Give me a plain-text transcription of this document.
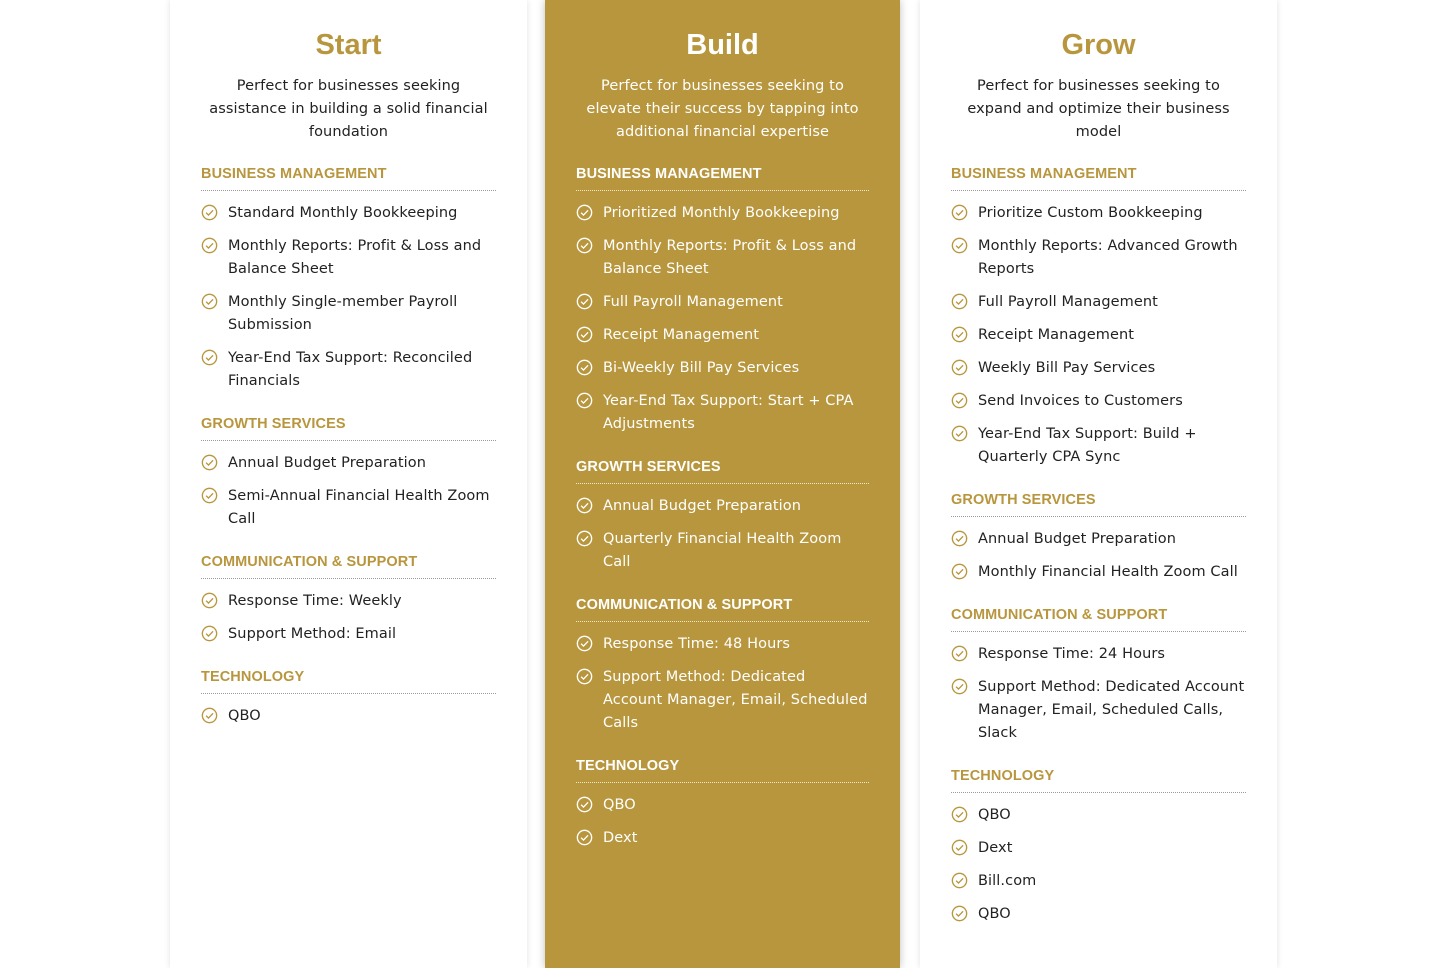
Start

Perfect for businesses seeking assistance in building a solid financial foundation

BUSINESS MANAGEMENT
Standard Monthly Bookkeeping
Monthly Reports: Profit & Loss and Balance Sheet
Monthly Single-member Payroll Submission
Year-End Tax Support: Reconciled Financials
GROWTH SERVICES
Annual Budget Preparation
Semi-Annual Financial Health Zoom Call
COMMUNICATION & SUPPORT
Response Time: Weekly
Support Method: Email
TECHNOLOGY
QBO
Build

Perfect for businesses seeking to elevate their success by tapping into additional financial expertise

BUSINESS MANAGEMENT
Prioritized Monthly Bookkeeping
Monthly Reports: Profit & Loss and Balance Sheet
Full Payroll Management
Receipt Management
Bi-Weekly Bill Pay Services
Year-End Tax Support: Start + CPA Adjustments
GROWTH SERVICES
Annual Budget Preparation
Quarterly Financial Health Zoom Call
COMMUNICATION & SUPPORT
Response Time: 48 Hours
Support Method: Dedicated Account Manager, Email, Scheduled Calls
TECHNOLOGY
QBO
Dext
Grow

Perfect for businesses seeking to expand and optimize their business model

BUSINESS MANAGEMENT
Prioritize Custom Bookkeeping
Monthly Reports: Advanced Growth Reports
Full Payroll Management
Receipt Management
Weekly Bill Pay Services
Send Invoices to Customers
Year-End Tax Support: Build + Quarterly CPA Sync
GROWTH SERVICES
Annual Budget Preparation
Monthly Financial Health Zoom Call
COMMUNICATION & SUPPORT
Response Time: 24 Hours
Support Method: Dedicated Account Manager, Email, Scheduled Calls, Slack
TECHNOLOGY
QBO
Dext
Bill.com
QBO
